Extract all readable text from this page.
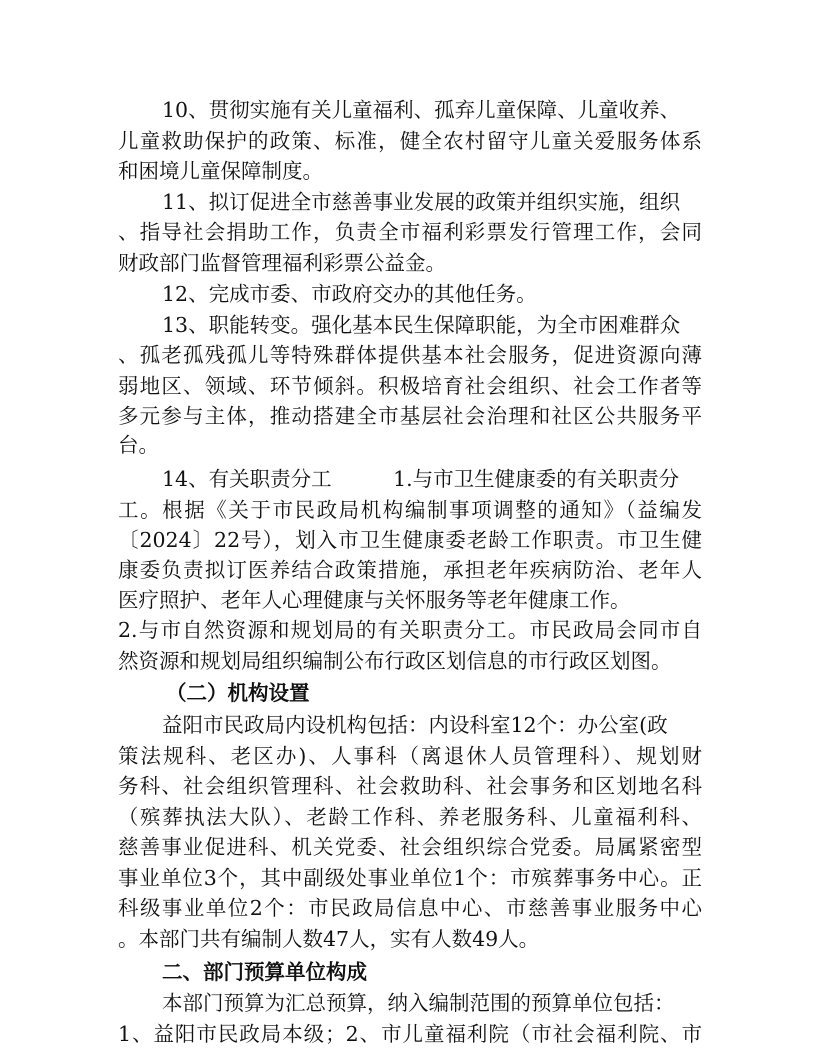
10、贯彻实施有关儿童福利、孤弃儿童保障、儿童收养、
儿童救助保护的政策、标准，健全农村留守儿童关爱服务体系
和困境儿童保障制度。
11、拟订促进全市慈善事业发展的政策并组织实施，组织
、指导社会捐助工作，负责全市福利彩票发行管理工作，会同
财政部门监督管理福利彩票公益金。
12、完成市委、市政府交办的其他任务。
13、职能转变。强化基本民生保障职能，为全市困难群众
、孤老孤残孤儿等特殊群体提供基本社会服务，促进资源向薄
弱地区、领域、环节倾斜。积极培育社会组织、社会工作者等
多元参与主体，推动搭建全市基层社会治理和社区公共服务平
台。
14、有关职责分工　　　1.与市卫生健康委的有关职责分
工。根据《关于市民政局机构编制事项调整的通知》（益编发
〔2024〕22号），划入市卫生健康委老龄工作职责。市卫生健
康委负责拟订医养结合政策措施，承担老年疾病防治、老年人
医疗照护、老年人心理健康与关怀服务等老年健康工作。
2.与市自然资源和规划局的有关职责分工。市民政局会同市自
然资源和规划局组织编制公布行政区划信息的市行政区划图。
（二）机构设置
益阳市民政局内设机构包括：内设科室12个：办公室(政
策法规科、老区办)、人事科（离退休人员管理科）、规划财
务科、社会组织管理科、社会救助科、社会事务和区划地名科
（殡葬执法大队）、老龄工作科、养老服务科、儿童福利科、
慈善事业促进科、机关党委、社会组织综合党委。局属紧密型
事业单位3个，其中副级处事业单位1个：市殡葬事务中心。正
科级事业单位2个：市民政局信息中心、市慈善事业服务中心
。本部门共有编制人数47人，实有人数49人。
二、部门预算单位构成
本部门预算为汇总预算，纳入编制范围的预算单位包括：
1、益阳市民政局本级；2、市儿童福利院（市社会福利院、市
